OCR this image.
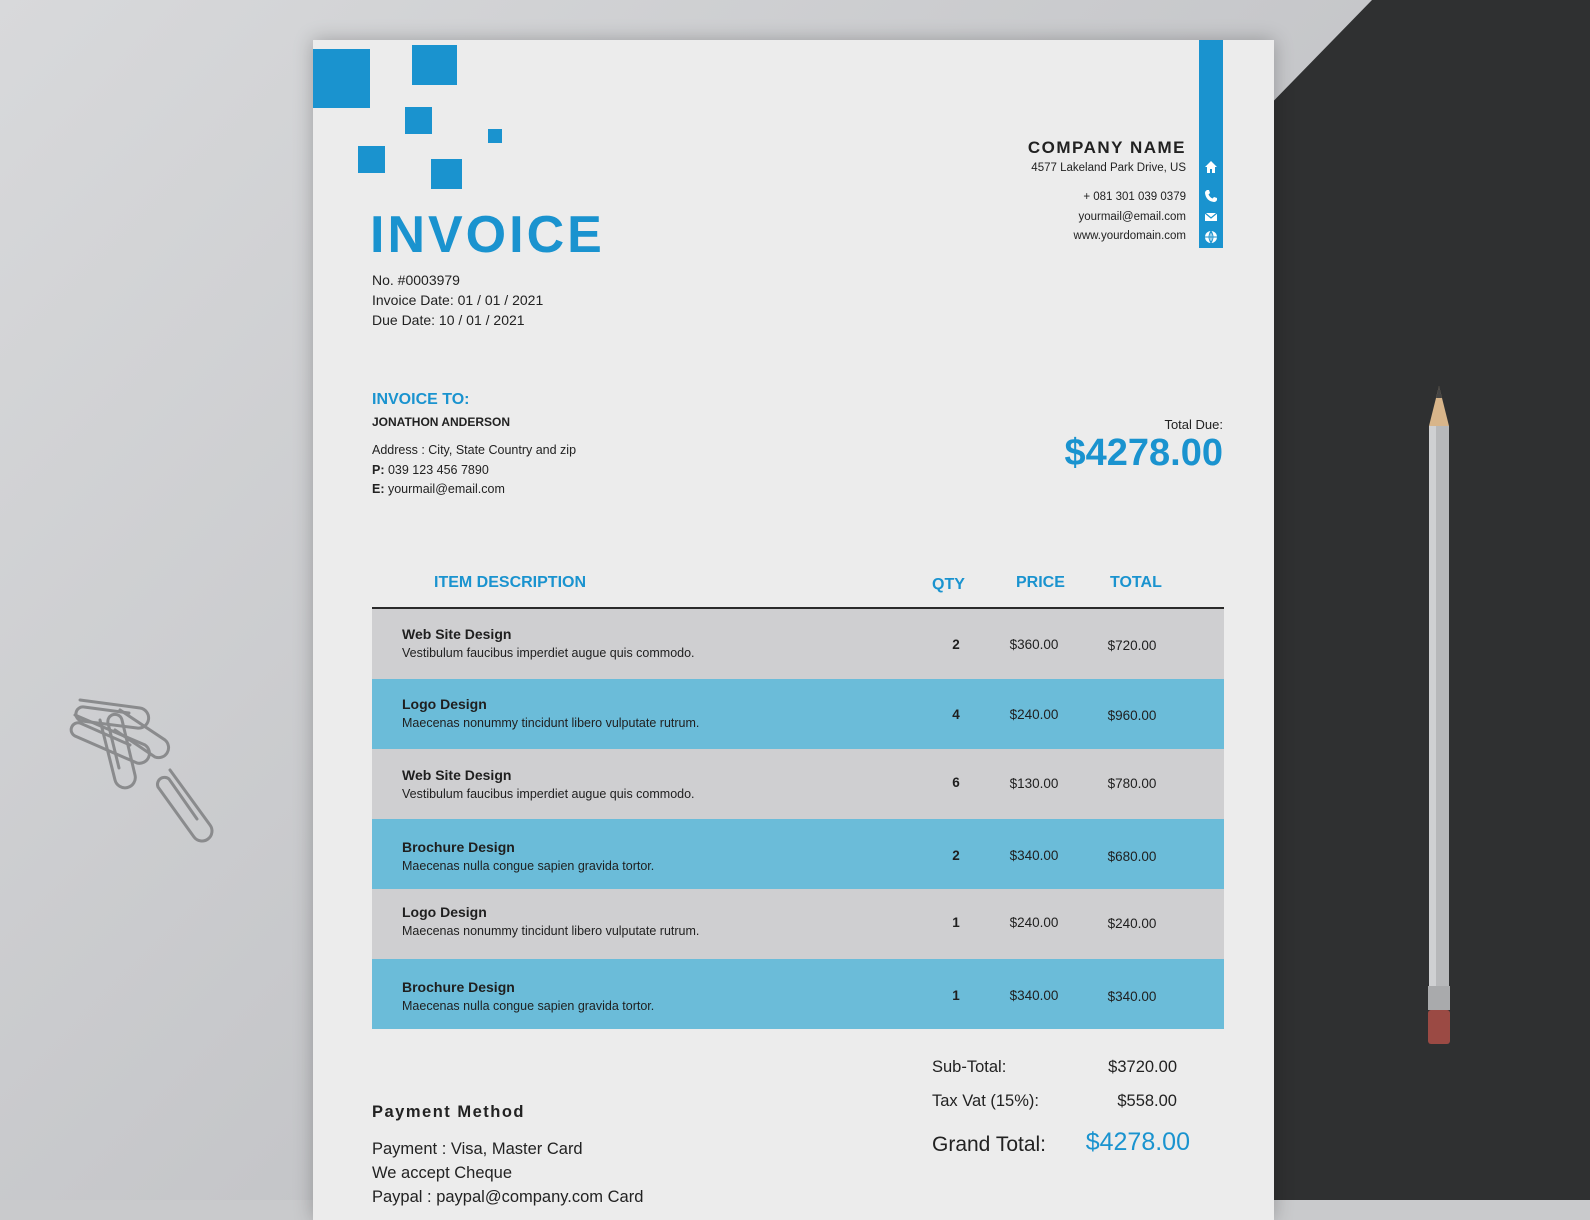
INVOICE
No. #0003979
Invoice Date: 01 / 01 / 2021
Due Date: 10 / 01 / 2021
COMPANY NAME
4577 Lakeland Park Drive, US
+ 081 301 039 0379
yourmail@email.com
www.yourdomain.com
INVOICE TO:
JONATHON ANDERSON
Address : City, State Country and zip
P: 039 123 456 7890
E: yourmail@email.com
Total Due:
$4278.00
ITEM DESCRIPTION	QTY	PRICE	TOTAL
Web Site Design
Vestibulum faucibus imperdiet augue quis commodo.
2	$360.00	$720.00
Logo Design
Maecenas nonummy tincidunt libero vulputate rutrum.
4	$240.00	$960.00
Web Site Design
Vestibulum faucibus imperdiet augue quis commodo.
6	$130.00	$780.00
Brochure Design
Maecenas nulla congue sapien gravida tortor.
2	$340.00	$680.00
Logo Design
Maecenas nonummy tincidunt libero vulputate rutrum.
1	$240.00	$240.00
Brochure Design
Maecenas nulla congue sapien gravida tortor.
1	$340.00	$340.00
Sub-Total:	$3720.00
Tax Vat (15%):	$558.00
Grand Total: $4278.00
Payment Method
Payment : Visa, Master Card
We accept Cheque
Paypal : paypal@company.com Card
